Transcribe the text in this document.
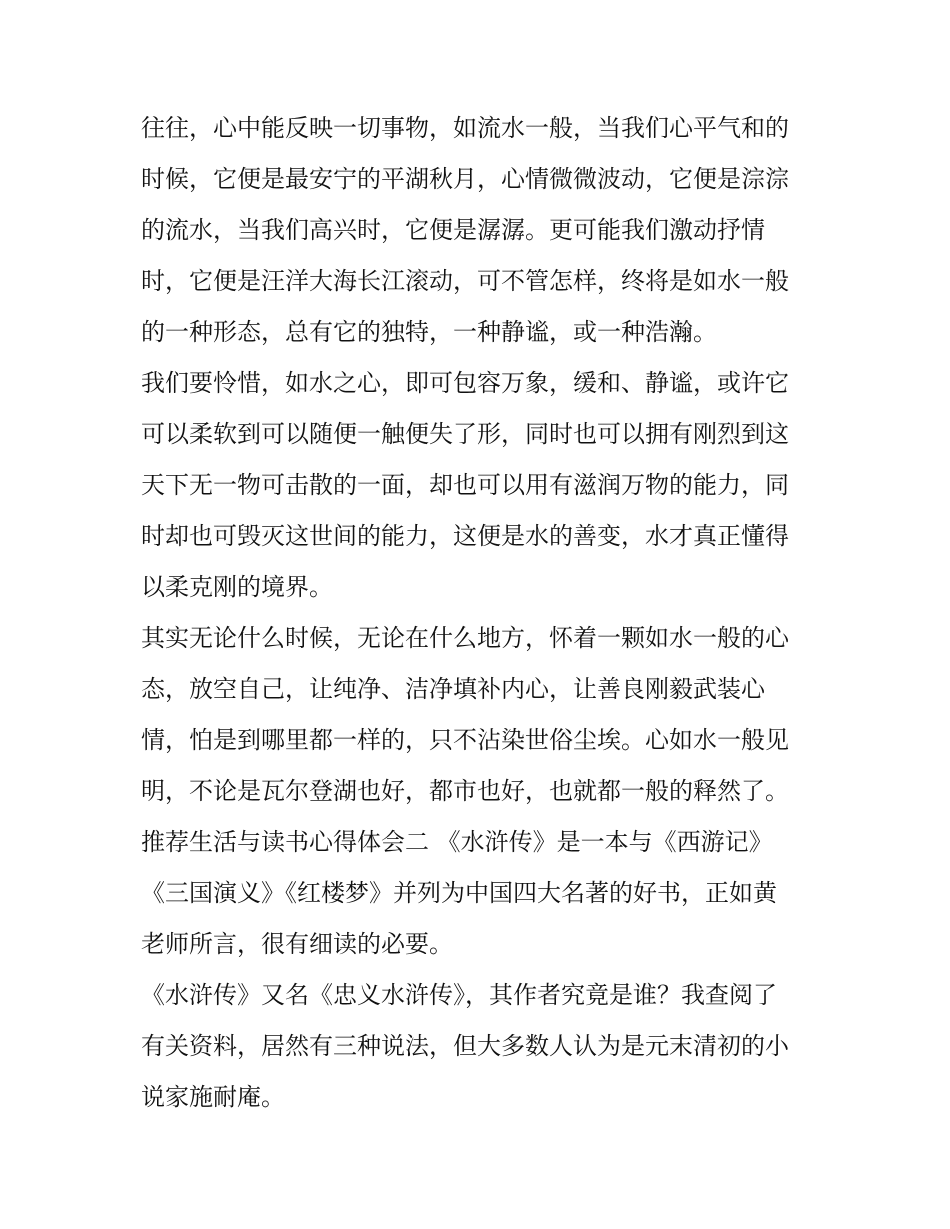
往往，心中能反映一切事物，如流水一般，当我们心平气和的
时候，它便是最安宁的平湖秋月，心情微微波动，它便是淙淙
的流水，当我们高兴时，它便是潺潺。更可能我们激动抒情
时，它便是汪洋大海长江滚动，可不管怎样，终将是如水一般
的一种形态，总有它的独特，一种静谧，或一种浩瀚。
我们要怜惜，如水之心，即可包容万象，缓和、静谧，或许它
可以柔软到可以随便一触便失了形，同时也可以拥有刚烈到这
天下无一物可击散的一面，却也可以用有滋润万物的能力，同
时却也可毁灭这世间的能力，这便是水的善变，水才真正懂得
以柔克刚的境界。
其实无论什么时候，无论在什么地方，怀着一颗如水一般的心
态，放空自己，让纯净、洁净填补内心，让善良刚毅武装心
情，怕是到哪里都一样的，只不沾染世俗尘埃。心如水一般见
明，不论是瓦尔登湖也好，都市也好，也就都一般的释然了。
推荐生活与读书心得体会二 《水浒传》是一本与《西游记》
《三国演义》《红楼梦》并列为中国四大名著的好书，正如黄
老师所言，很有细读的必要。
《水浒传》又名《忠义水浒传》，其作者究竟是谁？我查阅了
有关资料，居然有三种说法，但大多数人认为是元末清初的小
说家施耐庵。
